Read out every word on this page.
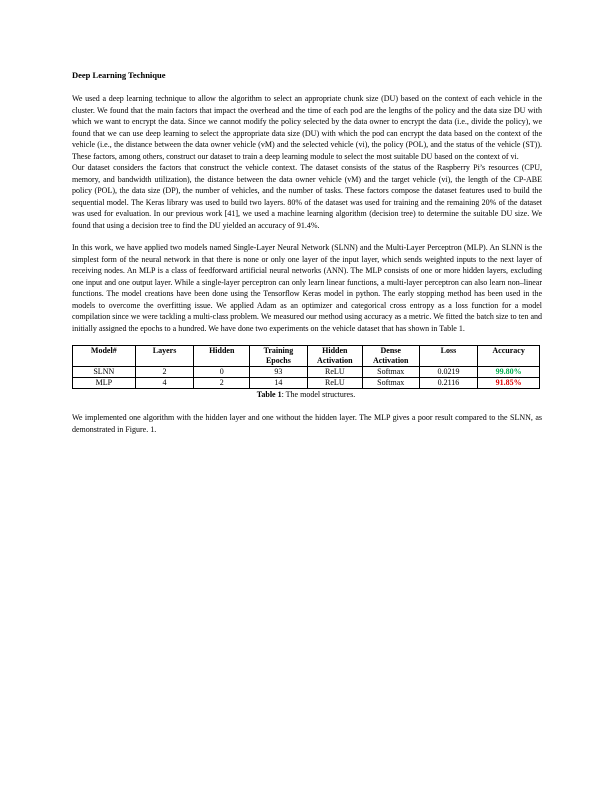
Deep Learning Technique

We used a deep learning technique to allow the algorithm to select an appropriate chunk size (DU) based on the context of each vehicle in the cluster. We found that the main factors that impact the overhead and the time of each pod are the lengths of the policy and the data size DU with which we want to encrypt the data. Since we cannot modify the policy selected by the data owner to encrypt the data (i.e., divide the policy), we found that we can use deep learning to select the appropriate data size (DU) with which the pod can encrypt the data based on the context of the vehicle (i.e., the distance between the data owner vehicle (vM) and the selected vehicle (vi), the policy (POL), and the status of the vehicle (ST)). These factors, among others, construct our dataset to train a deep learning module to select the most suitable DU based on the context of vi.

Our dataset considers the factors that construct the vehicle context. The dataset consists of the status of the Raspberry Pi’s resources (CPU, memory, and bandwidth utilization), the distance between the data owner vehicle (vM) and the target vehicle (vi), the length of the CP-ABE policy (POL), the data size (DP), the number of vehicles, and the number of tasks. These factors compose the dataset features used to build the sequential model. The Keras library was used to build two layers. 80% of the dataset was used for training and the remaining 20% of the dataset was used for evaluation. In our previous work [41], we used a machine learning algorithm (decision tree) to determine the suitable DU size. We found that using a decision tree to find the DU yielded an accuracy of 91.4%.

In this work, we have applied two models named Single-Layer Neural Network (SLNN) and the Multi-Layer Perceptron (MLP). An SLNN is the simplest form of the neural network in that there is none or only one layer of the input layer, which sends weighted inputs to the next layer of receiving nodes. An MLP is a class of feedforward artificial neural networks (ANN). The MLP consists of one or more hidden layers, excluding one input and one output layer. While a single-layer perceptron can only learn linear functions, a multi-layer perceptron can also learn non–linear functions. The model creations have been done using the Tensorflow Keras model in python. The early stopping method has been used in the models to overcome the overfitting issue. We applied Adam as an optimizer and categorical cross entropy as a loss function for a model compilation since we were tackling a multi-class problem. We measured our method using accuracy as a metric. We fitted the batch size to ten and initially assigned the epochs to a hundred. We have done two experiments on the vehicle dataset that has shown in Table 1.

Model#	Layers	Hidden	Training Epochs	Hidden Activation	Dense Activation	Loss	Accuracy
SLNN	2	0	93	ReLU	Softmax	0.0219	99.80%
MLP	4	2	14	ReLU	Softmax	0.2116	91.85%
Table 1: The model structures.

We implemented one algorithm with the hidden layer and one without the hidden layer. The MLP gives a poor result compared to the SLNN, as demonstrated in Figure. 1.
